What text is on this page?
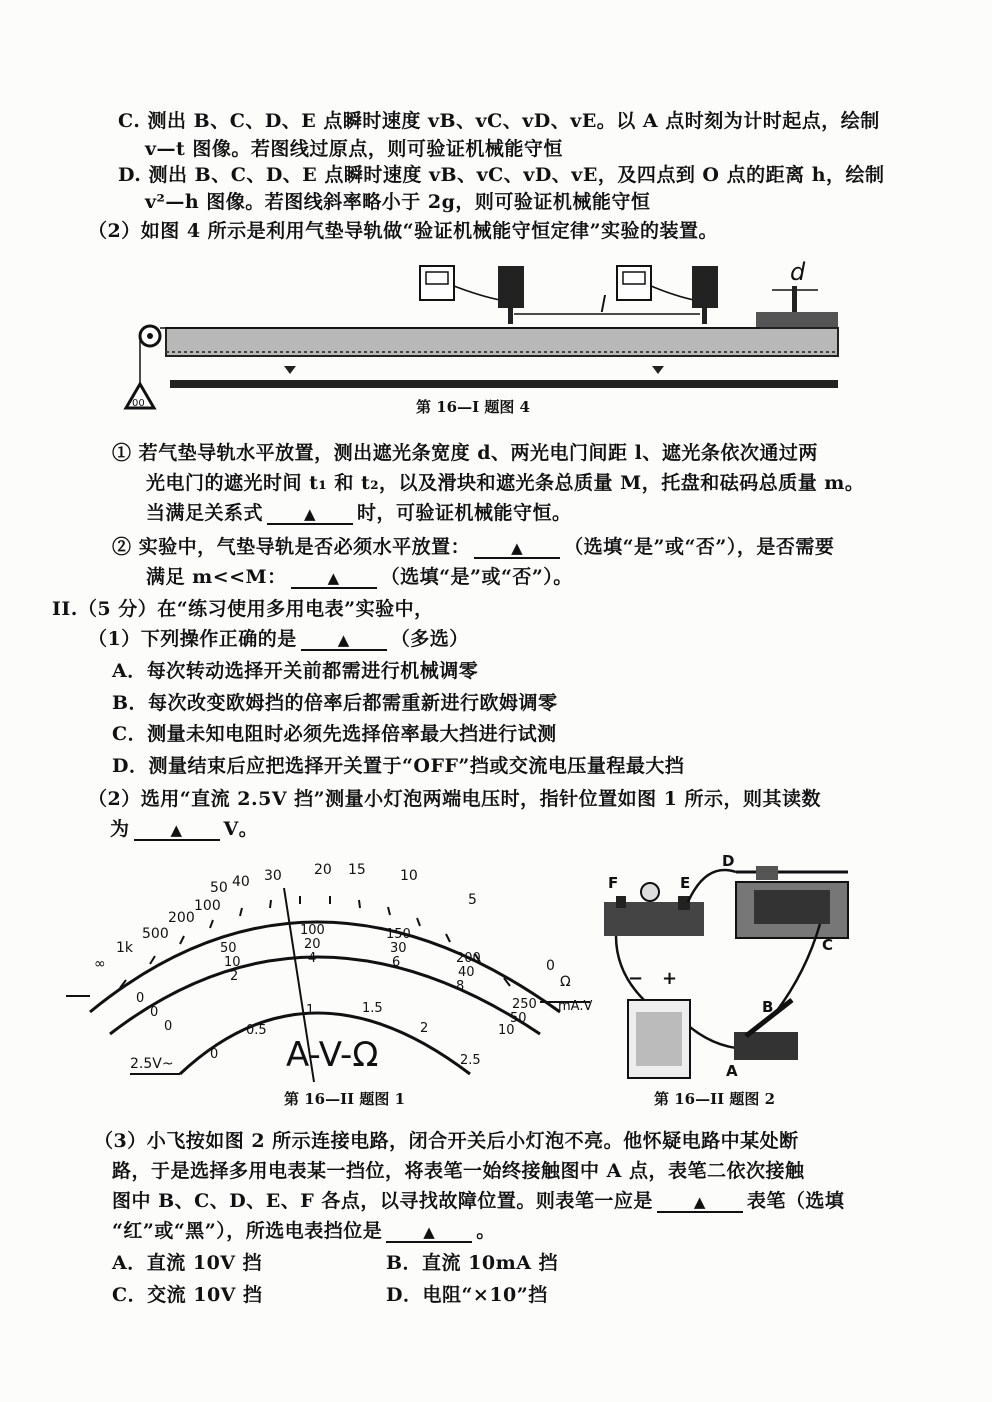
C. 测出 B、C、D、E 点瞬时速度 vB、vC、vD、vE。以 A 点时刻为计时起点，绘制
v—t 图像。若图线过原点，则可验证机械能守恒
D. 测出 B、C、D、E 点瞬时速度 vB、vC、vD、vE，及四点到 O 点的距离 h，绘制
v²—h 图像。若图线斜率略小于 2g，则可验证机械能守恒
（2）如图 4 所示是利用气垫导轨做“验证机械能守恒定律”实验的装置。
l
d
00	第 16—I 题图 4
① 若气垫导轨水平放置，测出遮光条宽度 d、两光电门间距 l、遮光条依次通过两
光电门的遮光时间 t₁ 和 t₂，以及滑块和遮光条总质量 M，托盘和砝码总质量 m。
当满足关系式	▲ 时，可验证机械能守恒。
② 实验中，气垫导轨是否必须水平放置：	▲ （选填“是”或“否”），是否需要
满足 m<<M：	▲ （选填“是”或“否”）。
II.（5 分）在“练习使用多用电表”实验中，
（1）下列操作正确的是	▲ （多选）
A．每次转动选择开关前都需进行机械调零
B．每次改变欧姆挡的倍率后都需重新进行欧姆调零
C．测量未知电阻时必须先选择倍率最大挡进行试测
D．测量结束后应把选择开关置于“OFF”挡或交流电压量程最大挡
（2）选用“直流 2.5V 挡”测量小灯泡两端电压时，指针位置如图 1 所示，则其读数
为	▲ V。
∞
1k
500
200
100
50 40 30 20 15 10
5
0
Ω
mA.V
0
50
100	150
200
250
0
10
20	30
40
50
0
2
4	6
8
10
0
0.5
1	1.5
2
2.5
2.5V~	A-V-Ω
第 16—II 题图 1
F	E
D
C
− +
B
A
第 16—II 题图 2
（3）小飞按如图 2 所示连接电路，闭合开关后小灯泡不亮。他怀疑电路中某处断
路，于是选择多用电表某一挡位，将表笔一始终接触图中 A 点，表笔二依次接触
图中 B、C、D、E、F 各点，以寻找故障位置。则表笔一应是	▲ 表笔（选填
“红”或“黑”），所选电表挡位是	▲ 。
A．直流 10V 挡	B．直流 10mA 挡
C．交流 10V 挡	D．电阻“×10”挡
